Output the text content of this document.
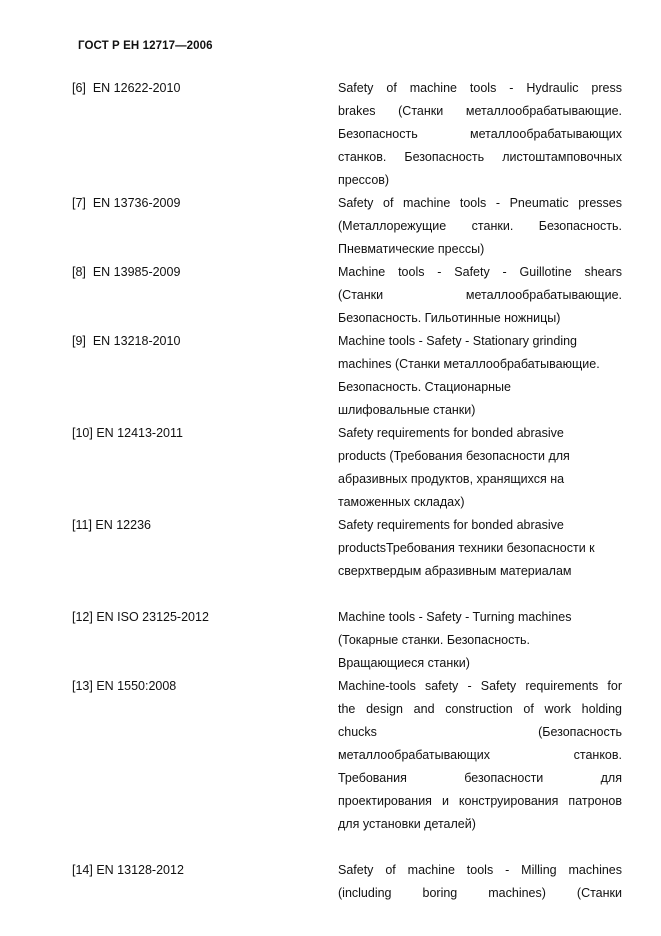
ГОСТ Р ЕН 12717—2006
[6]  EN 12622-2010	Safety of machine tools - Hydraulic press
brakes (Станки металлообрабатывающие.
Безопасность металлообрабатывающих
станков. Безопасность листоштамповочных
прессов)
[7]  EN 13736-2009	Safety of machine tools - Pneumatic presses
(Металлорежущие станки. Безопасность.
Пневматические прессы)
[8]  EN 13985-2009	Machine tools - Safety - Guillotine shears
(Станки металлообрабатывающие.
Безопасность. Гильотинные ножницы)
[9]  EN 13218-2010	Machine tools - Safety - Stationary grinding
machines (Станки металлообрабатывающие.
Безопасность. Стационарные
шлифовальные станки)
[10] EN 12413-2011	Safety requirements for bonded abrasive
products (Требования безопасности для
абразивных продуктов, хранящихся на
таможенных складах)
[11] EN 12236	Safety requirements for bonded abrasive
productsТребования техники безопасности к
сверхтвердым абразивным материалам
[12] EN ISO 23125-2012	Machine tools - Safety - Turning machines
(Токарные станки. Безопасность.
Вращающиеся станки)
[13] EN 1550:2008	Machine-tools safety - Safety requirements for
the design and construction of work holding
chucks (Безопасность
металлообрабатывающих станков.
Требования безопасности для
проектирования и конструирования патронов
для установки деталей)
[14] EN 13128-2012	Safety of machine tools - Milling machines
(including boring machines) (Станки
